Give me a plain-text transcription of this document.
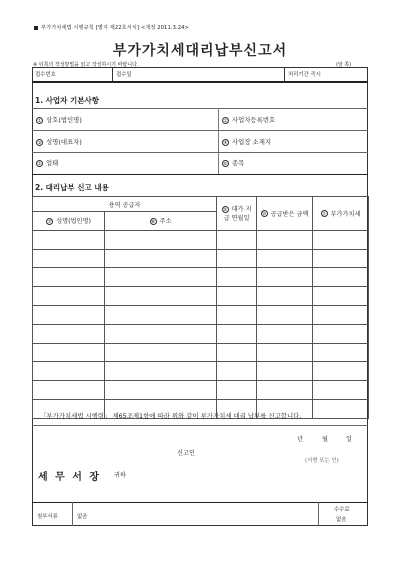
부가가치세법 시행규칙 [별지 제22호서식] <개정 2011.3.24>
부가가치세대리납부신고서
※ 뒤쪽의 작성방법을 읽고 작성하시기 바랍니다.	(앞 쪽)
접수번호	접수일	처리기간 즉시
1. 사업자 기본사항
① 상호(법인명)	② 사업자등록번호
③ 성명(대표자)	④ 사업장 소재지
⑤ 업태	⑥ 종목
2. 대리납부 신고 내용
용역 공급자		⑨ 대가 지급 연월일	⑩ 공급받은 금액	⑪ 부가가치세
⑦ 성명(법인명)	⑧ 주소			

「부가가치세법 시행령」 제65조제1항에 따라 위와 같이 부가가치세 대리 납부를 신고합니다.
년	월	일
신고인
(서명 또는 인)
세 무 서 장 귀하
첨부서류	없음
수수료
없음
